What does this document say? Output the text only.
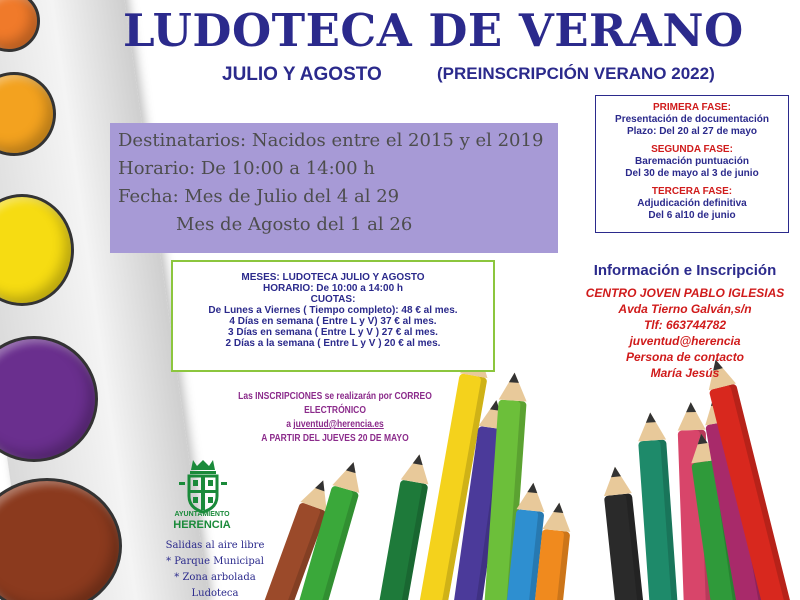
LUDOTECA DE VERANO
JULIO Y AGOSTO	(PREINSCRIPCIÓN VERANO 2022)
PRIMERA FASE:
Presentación de documentación
Plazo: Del 20 al 27 de mayo
SEGUNDA FASE:
Baremación puntuación
Del 30 de mayo al 3 de junio
TERCERA FASE:
Adjudicación definitiva
Del 6 al10 de junio
Destinatarios: Nacidos entre el 2015 y el 2019
Horario: De 10:00 a 14:00 h
Fecha: Mes de Julio del 4 al 29
Mes de Agosto del 1 al 26
MESES: LUDOTECA JULIO Y AGOSTO
HORARIO: De 10:00 a 14:00 h
CUOTAS:
De Lunes a Viernes ( Tiempo completo): 48 € al mes.
4 Días en semana ( Entre L y V) 37 € al mes.
3 Días en semana ( Entre L y V ) 27 € al mes.
2 Días a la semana ( Entre L y V ) 20 € al mes.
Información e Inscripción
CENTRO JOVEN PABLO IGLESIAS
Avda Tierno Galván,s/n
Tlf: 663744782
juventud@herencia
Persona de contacto
María Jesús
Las INSCRIPCIONES se realizarán por CORREO ELECTRÓNICO
a juventud@herencia.es
A PARTIR DEL JUEVES 20 DE MAYO
AYUNTAMIENTO
HERENCIA
Salidas al aire libre
* Parque Municipal
* Zona arbolada Ludoteca
